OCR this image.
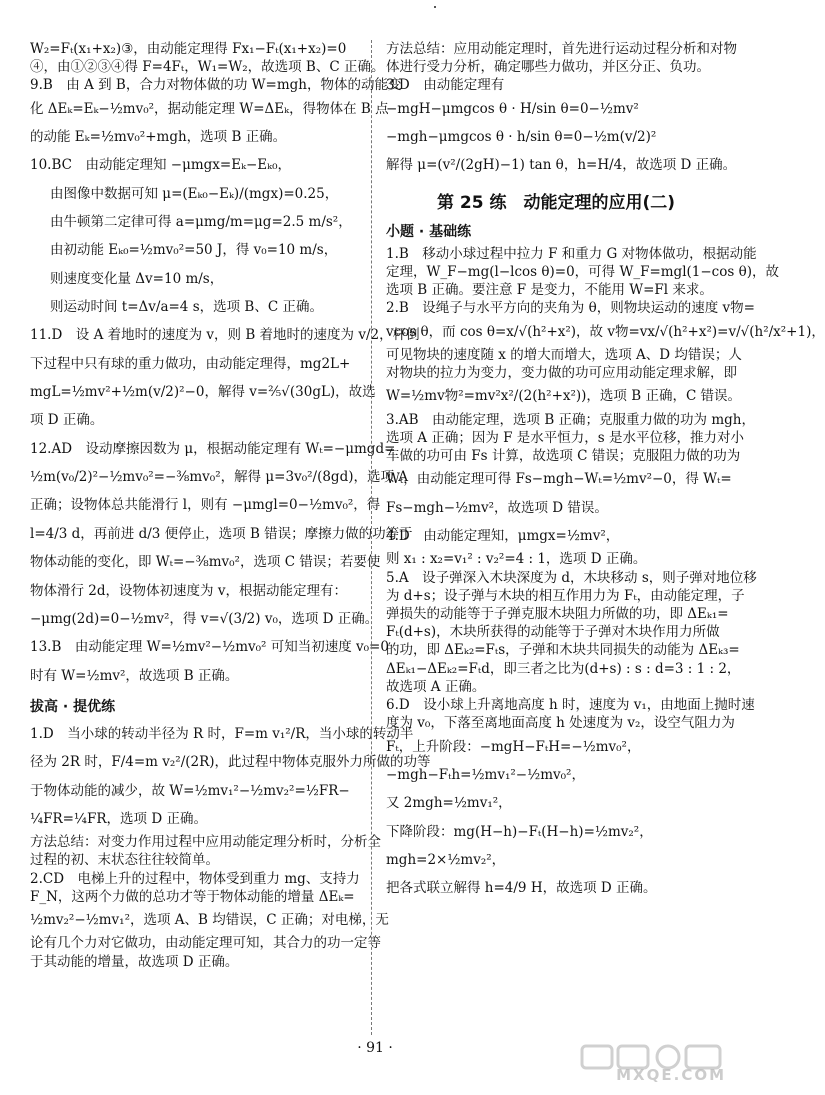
W₂=Fₜ(x₁+x₂)③，由动能定理得 Fx₁−Fₜ(x₁+x₂)=0
④，由①②③④得 F=4Fₜ，W₁=W₂，故选项 B、C 正确。
9.B　由 A 到 B，合力对物体做的功 W=mgh，物体的动能变
化 ΔEₖ=Eₖ−½mv₀²，据动能定理 W=ΔEₖ，得物体在 B 点
的动能 Eₖ=½mv₀²+mgh，选项 B 正确。
10.BC　由动能定理知 −μmgx=Eₖ−Eₖ₀，
由图像中数据可知 μ=(Eₖ₀−Eₖ)/(mgx)=0.25，
由牛顿第二定律可得 a=μmg/m=μg=2.5 m/s²，
由初动能 Eₖ₀=½mv₀²=50 J，得 v₀=10 m/s，
则速度变化量 Δv=10 m/s，
则运动时间 t=Δv/a=4 s，选项 B、C 正确。
11.D　设 A 着地时的速度为 v，则 B 着地时的速度为 v/2，杆倒
下过程中只有球的重力做功，由动能定理得，mg2L+
mgL=½mv²+½m(v/2)²−0，解得 v=⅖√(30gL)，故选
项 D 正确。
12.AD　设动摩擦因数为 μ，根据动能定理有 Wₜ=−μmgd=
½m(v₀/2)²−½mv₀²=−⅜mv₀²，解得 μ=3v₀²/(8gd)，选项 A
正确；设物体总共能滑行 l，则有 −μmgl=0−½mv₀²，得
l=4/3 d，再前进 d/3 便停止，选项 B 错误；摩擦力做的功等于
物体动能的变化，即 Wₜ=−⅜mv₀²，选项 C 错误；若要使
物体滑行 2d，设物体初速度为 v，根据动能定理有：
−μmg(2d)=0−½mv²，得 v=√(3/2) v₀，选项 D 正确。
13.B　由动能定理 W=½mv²−½mv₀² 可知当初速度 v₀=0
时有 W=½mv²，故选项 B 正确。
拔高 · 提优练
1.D　当小球的转动半径为 R 时，F=m v₁²/R，当小球的转动半
径为 2R 时，F/4=m v₂²/(2R)，此过程中物体克服外力所做的功等
于物体动能的减少，故 W=½mv₁²−½mv₂²=½FR−
¼FR=¼FR，选项 D 正确。
方法总结：对变力作用过程中应用动能定理分析时，分析全
过程的初、末状态往往较简单。
2.CD　电梯上升的过程中，物体受到重力 mg、支持力
F_N，这两个力做的总功才等于物体动能的增量 ΔEₖ=
½mv₂²−½mv₁²，选项 A、B 均错误，C 正确；对电梯，无
论有几个力对它做功，由动能定理可知，其合力的功一定等
于其动能的增量，故选项 D 正确。
方法总结：应用动能定理时，首先进行运动过程分析和对物
体进行受力分析，确定哪些力做功，并区分正、负功。
3.D　由动能定理有
−mgH−μmgcos θ · H/sin θ=0−½mv²
−mgh−μmgcos θ · h/sin θ=0−½m(v/2)²
解得 μ=(v²/(2gH)−1) tan θ，h=H/4，故选项 D 正确。
第 25 练　动能定理的应用(二)
小题 · 基础练
1.B　移动小球过程中拉力 F 和重力 G 对物体做功，根据动能
定理，W_F−mg(l−lcos θ)=0，可得 W_F=mgl(1−cos θ)，故
选项 B 正确。要注意 F 是变力，不能用 W=Fl 来求。
2.B　设绳子与水平方向的夹角为 θ，则物块运动的速度 v物=
vcos θ，而 cos θ=x/√(h²+x²)，故 v物=vx/√(h²+x²)=v/√(h²/x²+1)，
可见物块的速度随 x 的增大而增大，选项 A、D 均错误；人
对物块的拉力为变力，变力做的功可应用动能定理求解，即
W=½mv物²=mv²x²/(2(h²+x²))，选项 B 正确，C 错误。
3.AB　由动能定理，选项 B 正确；克服重力做的功为 mgh，
选项 A 正确；因为 F 是水平恒力，s 是水平位移，推力对小
车做的功可由 Fs 计算，故选项 C 错误；克服阻力做的功为
Wₜ，由动能定理可得 Fs−mgh−Wₜ=½mv²−0，得 Wₜ=
Fs−mgh−½mv²，故选项 D 错误。
4.D　由动能定理知，μmgx=½mv²，
则 x₁ : x₂=v₁² : v₂²=4 : 1，选项 D 正确。
5.A　设子弹深入木块深度为 d，木块移动 s，则子弹对地位移
为 d+s；设子弹与木块的相互作用力为 Fₜ，由动能定理，子
弹损失的动能等于子弹克服木块阻力所做的功，即 ΔEₖ₁=
Fₜ(d+s)，木块所获得的动能等于子弹对木块作用力所做
的功，即 ΔEₖ₂=Fₜs，子弹和木块共同损失的动能为 ΔEₖ₃=
ΔEₖ₁−ΔEₖ₂=Fₜd，即三者之比为(d+s) : s : d=3 : 1 : 2，
故选项 A 正确。
6.D　设小球上升离地高度 h 时，速度为 v₁，由地面上抛时速
度为 v₀，下落至离地面高度 h 处速度为 v₂，设空气阻力为
Fₜ，上升阶段：−mgH−FₜH=−½mv₀²，
−mgh−Fₜh=½mv₁²−½mv₀²，
又 2mgh=½mv₁²，
下降阶段：mg(H−h)−Fₜ(H−h)=½mv₂²，
mgh=2×½mv₂²，
把各式联立解得 h=4/9 H，故选项 D 正确。
· 91 ·
MXQE.COM
